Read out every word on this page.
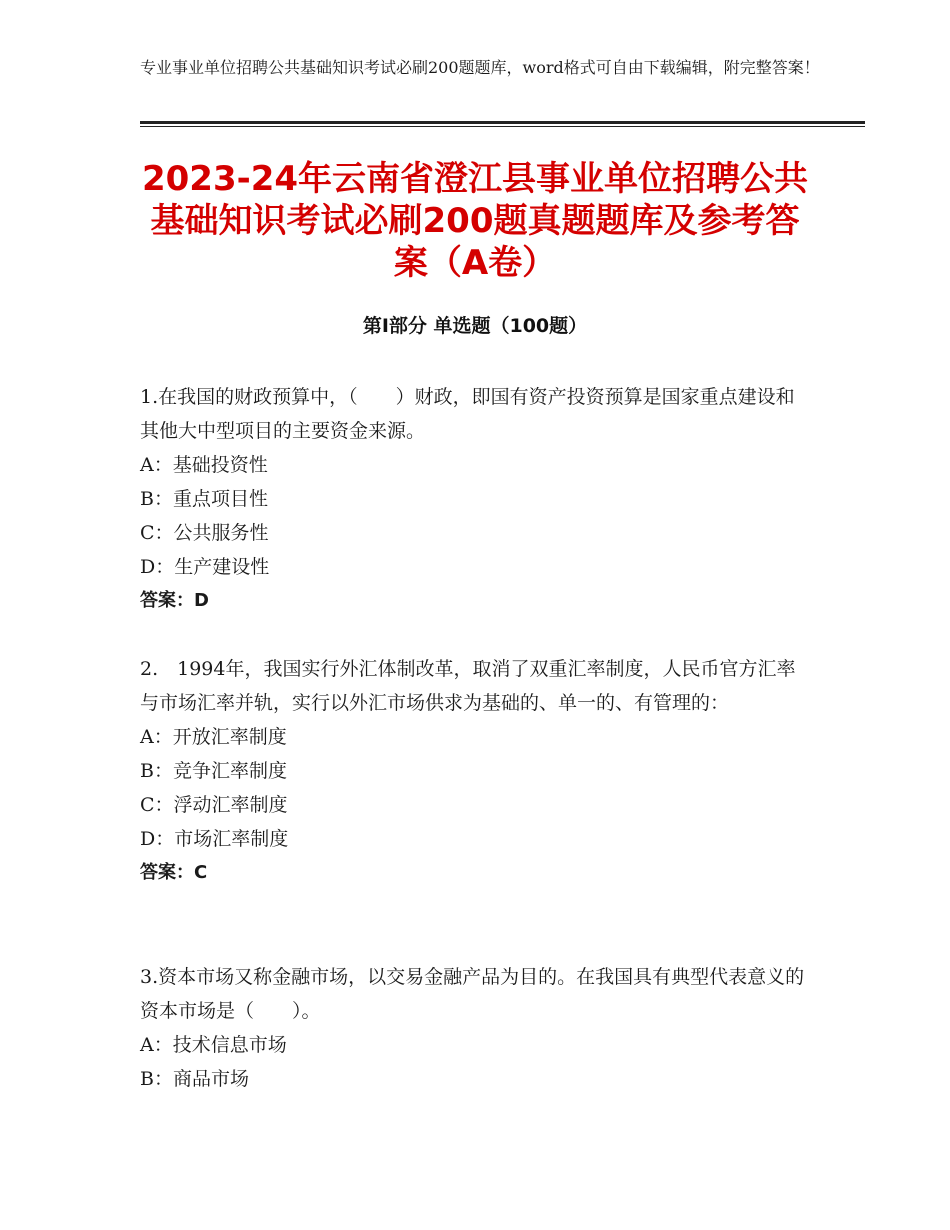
专业事业单位招聘公共基础知识考试必刷200题题库，word格式可自由下载编辑，附完整答案！
2023-24年云南省澄江县事业单位招聘公共基础知识考试必刷200题真题题库及参考答案（A卷）
第Ⅰ部分 单选题（100题）

1.在我国的财政预算中，（　　）财政，即国有资产投资预算是国家重点建设和其他大中型项目的主要资金来源。

A：基础投资性

B：重点项目性

C：公共服务性

D：生产建设性

答案：D

2.　1994年，我国实行外汇体制改革，取消了双重汇率制度，人民币官方汇率与市场汇率并轨，实行以外汇市场供求为基础的、单一的、有管理的：

A：开放汇率制度

B：竞争汇率制度

C：浮动汇率制度

D：市场汇率制度

答案：C

3.资本市场又称金融市场，以交易金融产品为目的。在我国具有典型代表意义的资本市场是（　　）。

A：技术信息市场

B：商品市场
